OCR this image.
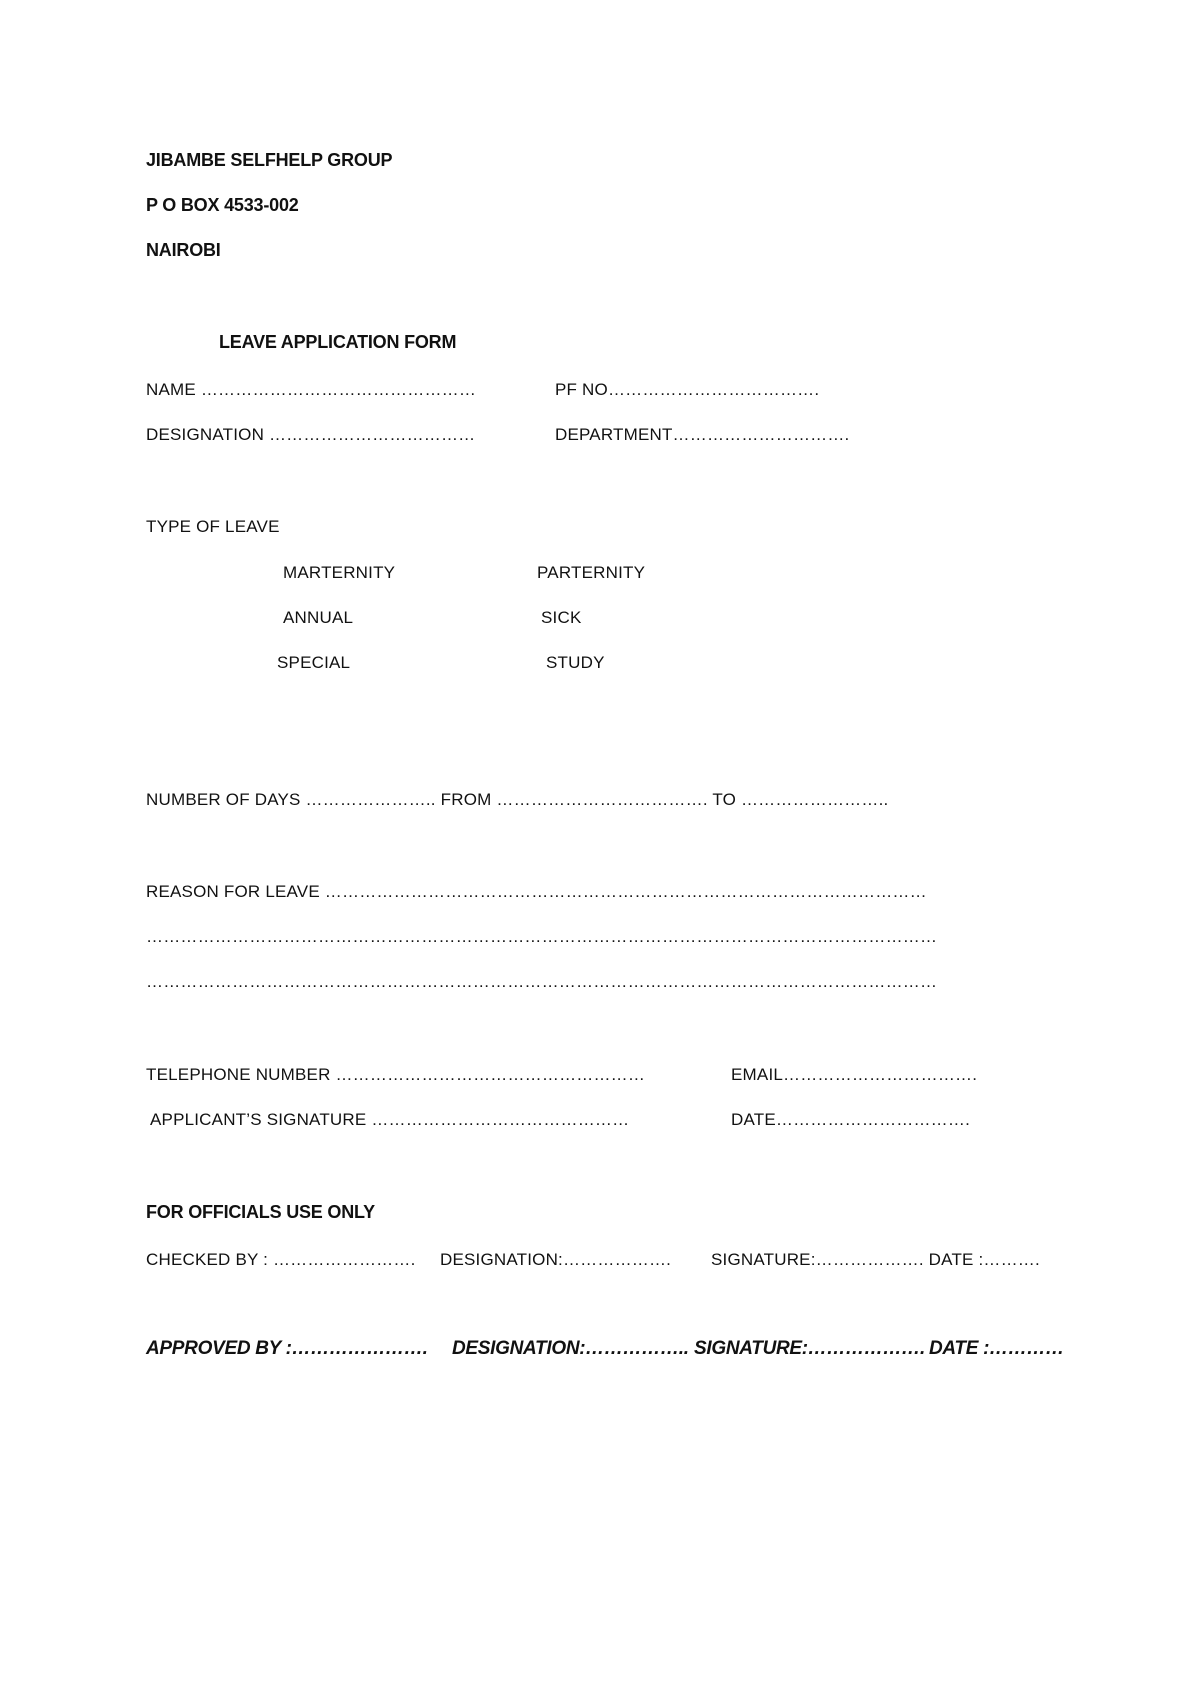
JIBAMBE SELFHELP GROUP
P O BOX 4533-002
NAIROBI
LEAVE APPLICATION FORM
NAME …………………………………………	PF NO……………………………….
DESIGNATION ………………………………	DEPARTMENT………………………….
TYPE OF LEAVE
MARTERNITY	PARTERNITY
ANNUAL	SICK
SPECIAL	STUDY
NUMBER OF DAYS ………………….. FROM ………………………………. TO ……………………..
REASON FOR LEAVE ……………………………………………………………………………………………
…………………………………………………………………………………………………………………………
…………………………………………………………………………………………………………………………
TELEPHONE NUMBER ………………………………………………	EMAIL…………………………….
APPLICANT’S SIGNATURE ………………………………………	DATE…………………………….
FOR OFFICIALS USE ONLY
CHECKED BY : ……………………. DESIGNATION:………………. SIGNATURE:………………. DATE :……….
APPROVED BY :…………………. DESIGNATION:…………….. SIGNATURE:………………. DATE :…………
